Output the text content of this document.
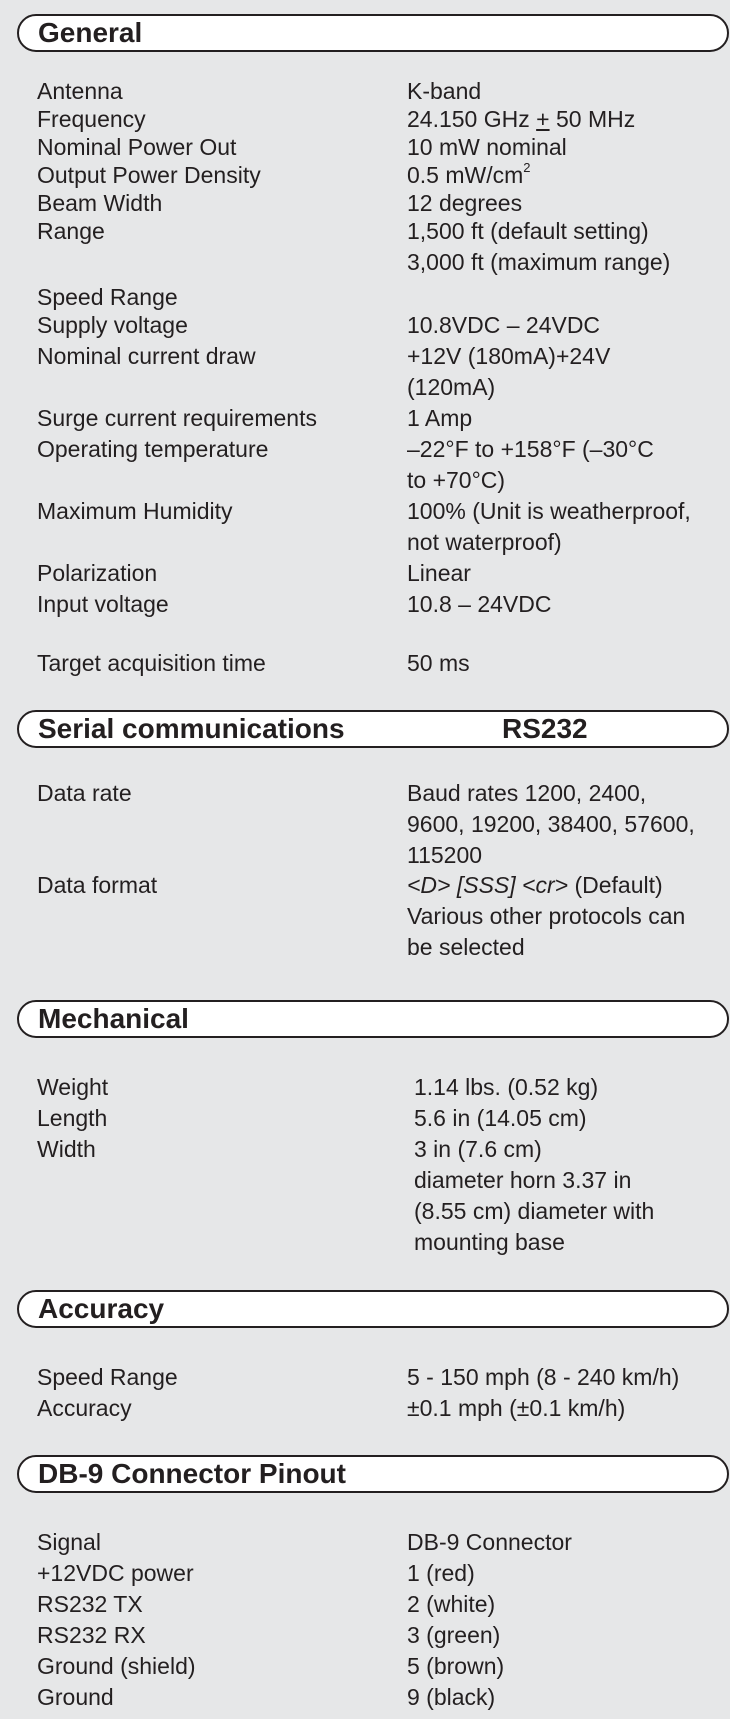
General
Antenna	K-band
Frequency	24.150 GHz + 50 MHz
Nominal Power Out	10 mW nominal
Output Power Density	0.5 $mW/cm^2$
Beam Width	12 degrees
Range	1,500 ft (default setting)
3,000 ft (maximum range)
Speed Range
Supply voltage	10.8VDC – 24VDC
Nominal current draw	+12V (180mA)+24V
(120mA)
Surge current requirements	1 Amp
Operating temperature	–22°F to +158°F (–30°C
to +70°C)
Maximum Humidity	100% (Unit is weatherproof,
not waterproof)
Polarization	Linear
Input voltage	10.8 – 24VDC
Target acquisition time	50 ms
Serial communications	RS232
Data rate	Baud rates 1200, 2400,
9600, 19200, 38400, 57600,
115200
Data format	<D> [SSS] <cr> (Default)
Various other protocols can
be selected
Mechanical
Weight	1.14 lbs. (0.52 kg)
Length	5.6 in (14.05 cm)
Width	3 in (7.6 cm)
diameter horn 3.37 in
(8.55 cm) diameter with
mounting base
Accuracy
Speed Range	5 - 150 mph (8 - 240 km/h)
Accuracy	±0.1 mph (±0.1 km/h)
DB-9 Connector Pinout
Signal	DB-9 Connector
+12VDC power	1 (red)
RS232 TX	2 (white)
RS232 RX	3 (green)
Ground (shield)	5 (brown)
Ground	9 (black)
